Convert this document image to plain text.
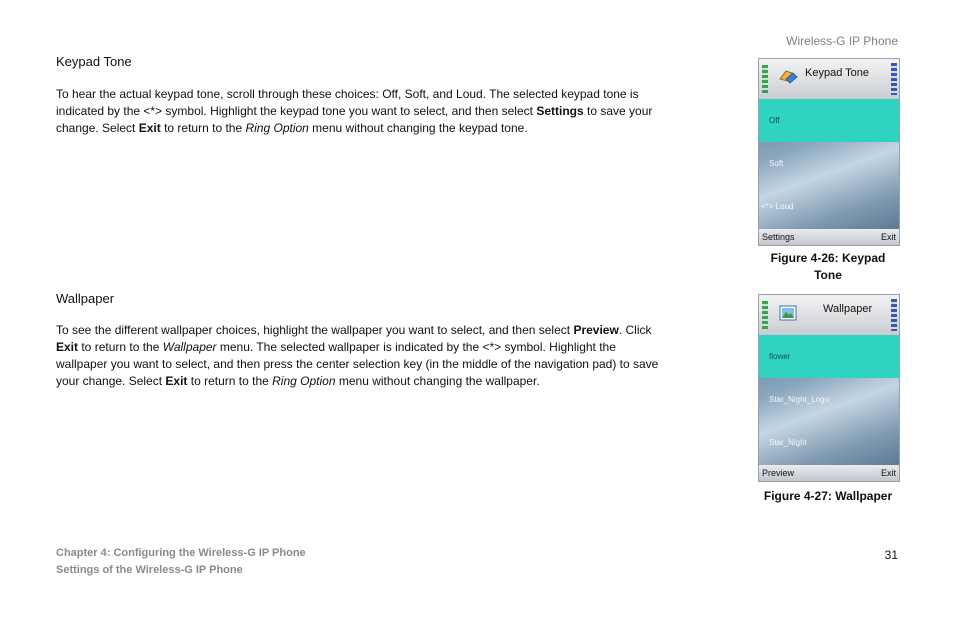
Wireless-G IP Phone
Keypad Tone
To hear the actual keypad tone, scroll through these choices: Off, Soft, and Loud. The selected keypad tone is indicated by the <*> symbol. Highlight the keypad tone you want to select, and then select Settings to save your change. Select Exit to return to the Ring Option menu without changing the keypad tone.
Wallpaper
To see the different wallpaper choices, highlight the wallpaper you want to select, and then select Preview. Click Exit to return to the Wallpaper menu. The selected wallpaper is indicated by the <*> symbol. Highlight the wallpaper you want to select, and then press the center selection key (in the middle of the navigation pad) to save your change. Select Exit to return to the Ring Option menu without changing the wallpaper.
Keypad Tone
Off
Soft
<*> Loud
Settings	Exit
Figure 4-26: Keypad
Tone
Wallpaper
flower
Star_Night_Logo
Star_Night
Preview	Exit
Figure 4-27: Wallpaper
Chapter 4: Configuring the Wireless-G IP Phone
Settings of the Wireless-G IP Phone
31
